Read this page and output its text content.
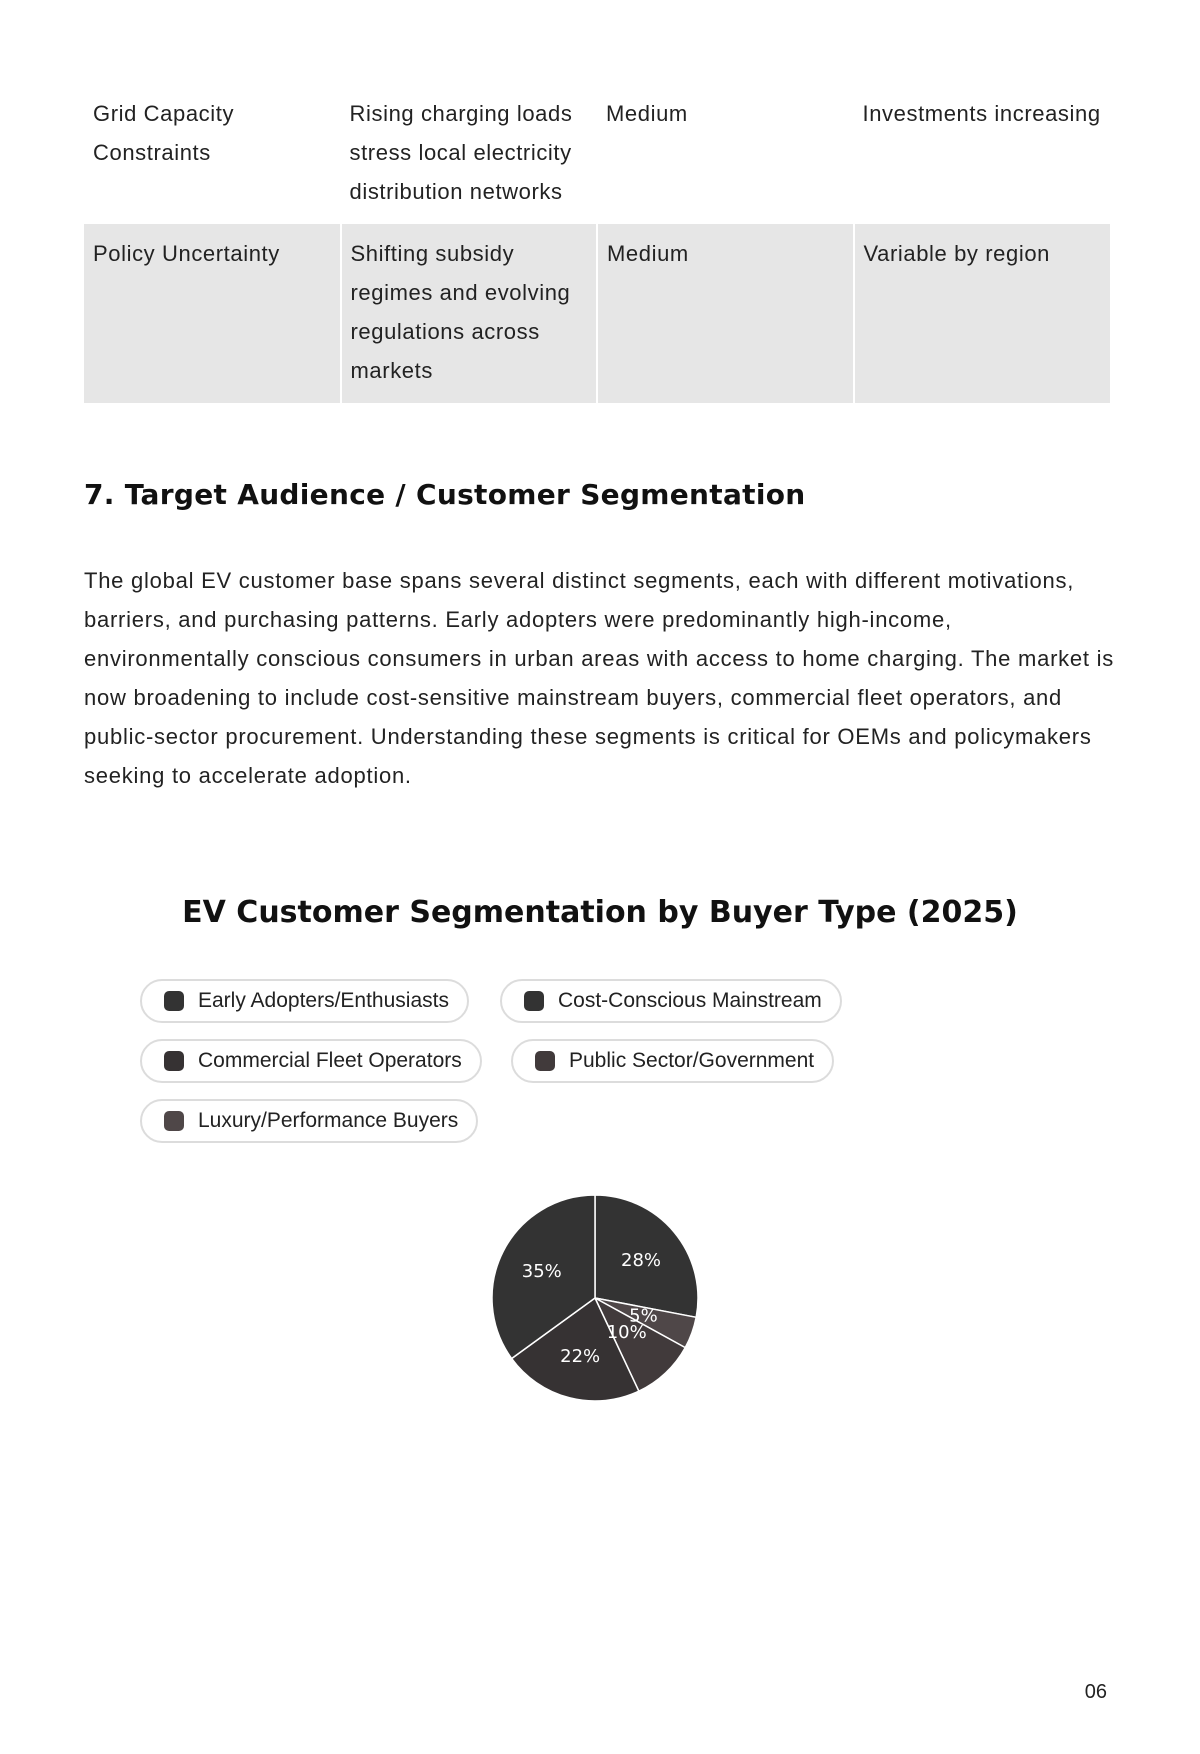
Grid Capacity Constraints	Rising charging loads stress local electricity distribution networks	Medium	Investments increasing
Policy Uncertainty	Shifting subsidy regimes and evolving regulations across markets	Medium	Variable by region
7. Target Audience / Customer Segmentation

The global EV customer base spans several distinct segments, each with different motivations, barriers, and purchasing patterns. Early adopters were predominantly high-income, environmentally conscious consumers in urban areas with access to home charging. The market is now broadening to include cost-sensitive mainstream buyers, commercial fleet operators, and public-sector procurement. Understanding these segments is critical for OEMs and policymakers seeking to accelerate adoption.

EV Customer Segmentation by Buyer Type (2025)
Early Adopters/Enthusiasts	Cost-Conscious Mainstream
Commercial Fleet Operators	Public Sector/Government
Luxury/Performance Buyers
28%
5%
10%
22%
35%
06
